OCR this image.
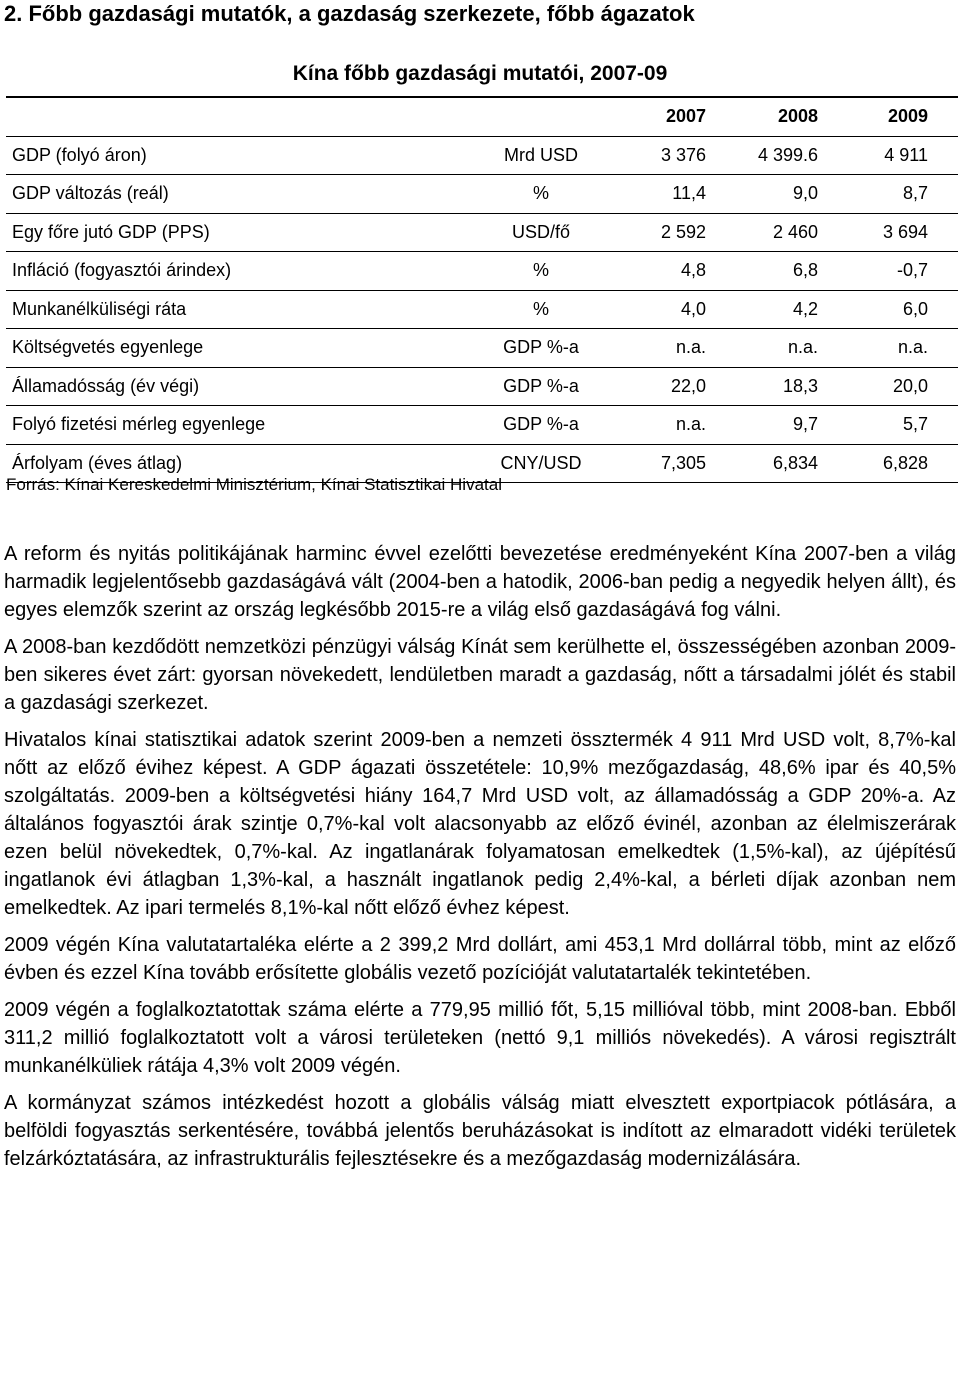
2. Főbb gazdasági mutatók, a gazdaság szerkezete, főbb ágazatok
Kína főbb gazdasági mutatói, 2007-09
		2007	2008	2009
GDP (folyó áron)	Mrd USD	3 376	4 399.6	4 911
GDP változás (reál)	%	11,4	9,0	8,7
Egy főre jutó GDP (PPS)	USD/fő	2 592	2 460	3 694
Infláció (fogyasztói árindex)	%	4,8	6,8	-0,7
Munkanélküliségi ráta	%	4,0	4,2	6,0
Költségvetés egyenlege	GDP %-a	n.a.	n.a.	n.a.
Államadósság (év végi)	GDP %-a	22,0	18,3	20,0
Folyó fizetési mérleg egyenlege	GDP %-a	n.a.	9,7	5,7
Árfolyam (éves átlag)	CNY/USD	7,305	6,834	6,828
Forrás: Kínai Kereskedelmi Minisztérium, Kínai Statisztikai Hivatal

A reform és nyitás politikájának harminc évvel ezelőtti bevezetése eredményeként Kína 2007-ben a világ harmadik legjelentősebb gazdaságává vált (2004-ben a hatodik, 2006-ban pedig a negyedik helyen állt), és egyes elemzők szerint az ország legkésőbb 2015-re a világ első gazdaságává fog válni.

A 2008-ban kezdődött nemzetközi pénzügyi válság Kínát sem kerülhette el, összességében azonban 2009-ben sikeres évet zárt: gyorsan növekedett, lendületben maradt a gazdaság, nőtt a társadalmi jólét és stabil a gazdasági szerkezet.

Hivatalos kínai statisztikai adatok szerint 2009-ben a nemzeti össztermék 4 911 Mrd USD volt, 8,7%-kal nőtt az előző évihez képest. A GDP ágazati összetétele: 10,9% mezőgazdaság, 48,6% ipar és 40,5% szolgáltatás. 2009-ben a költségvetési hiány 164,7 Mrd USD volt, az államadósság a GDP 20%-a. Az általános fogyasztói árak szintje 0,7%-kal volt alacsonyabb az előző évinél, azonban az élelmiszerárak ezen belül növekedtek, 0,7%-kal. Az ingatlanárak folyamatosan emelkedtek (1,5%-kal), az újépítésű ingatlanok évi átlagban 1,3%-kal, a használt ingatlanok pedig 2,4%-kal, a bérleti díjak azonban nem emelkedtek. Az ipari termelés 8,1%-kal nőtt előző évhez képest.

2009 végén Kína valutatartaléka elérte a 2 399,2 Mrd dollárt, ami 453,1 Mrd dollárral több, mint az előző évben és ezzel Kína tovább erősítette globális vezető pozícióját valutatartalék tekintetében.

2009 végén a foglalkoztatottak száma elérte a 779,95 millió főt, 5,15 millióval több, mint 2008-ban. Ebből 311,2 millió foglalkoztatott volt a városi területeken (nettó 9,1 milliós növekedés). A városi regisztrált munkanélküliek rátája 4,3% volt 2009 végén.

A kormányzat számos intézkedést hozott a globális válság miatt elvesztett exportpiacok pótlására, a belföldi fogyasztás serkentésére, továbbá jelentős beruházásokat is indított az elmaradott vidéki területek felzárkóztatására, az infrastrukturális fejlesztésekre és a mezőgazdaság modernizálására.
